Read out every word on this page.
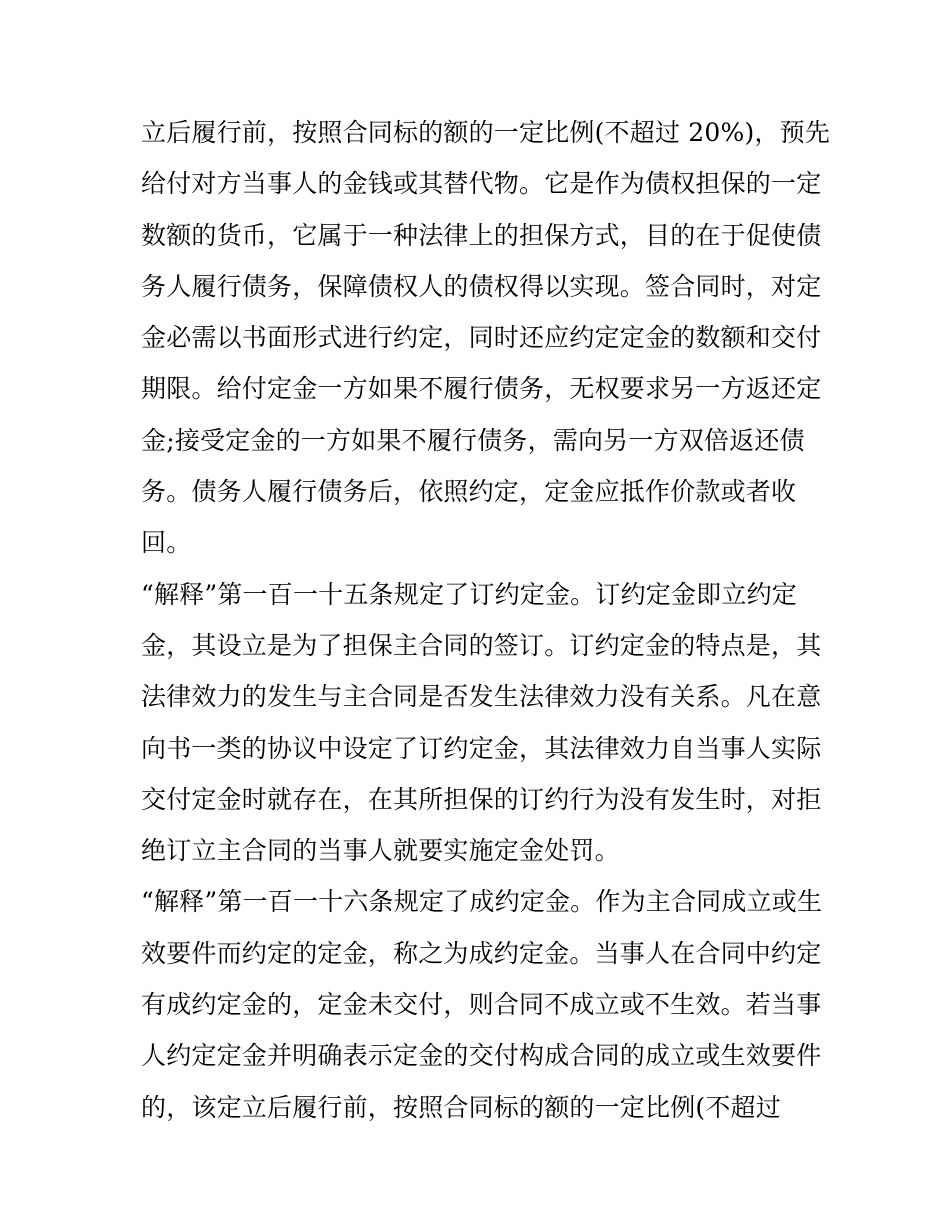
立后履行前，按照合同标的额的一定比例(不超过 20%)，预先
给付对方当事人的金钱或其替代物。它是作为债权担保的一定
数额的货币，它属于一种法律上的担保方式，目的在于促使债
务人履行债务，保障债权人的债权得以实现。签合同时，对定
金必需以书面形式进行约定，同时还应约定定金的数额和交付
期限。给付定金一方如果不履行债务，无权要求另一方返还定
金;接受定金的一方如果不履行债务，需向另一方双倍返还债
务。债务人履行债务后，依照约定，定金应抵作价款或者收
回。
“解释”第一百一十五条规定了订约定金。订约定金即立约定
金，其设立是为了担保主合同的签订。订约定金的特点是，其
法律效力的发生与主合同是否发生法律效力没有关系。凡在意
向书一类的协议中设定了订约定金，其法律效力自当事人实际
交付定金时就存在，在其所担保的订约行为没有发生时，对拒
绝订立主合同的当事人就要实施定金处罚。
“解释”第一百一十六条规定了成约定金。作为主合同成立或生
效要件而约定的定金，称之为成约定金。当事人在合同中约定
有成约定金的，定金未交付，则合同不成立或不生效。若当事
人约定定金并明确表示定金的交付构成合同的成立或生效要件
的，该定立后履行前，按照合同标的额的一定比例(不超过
